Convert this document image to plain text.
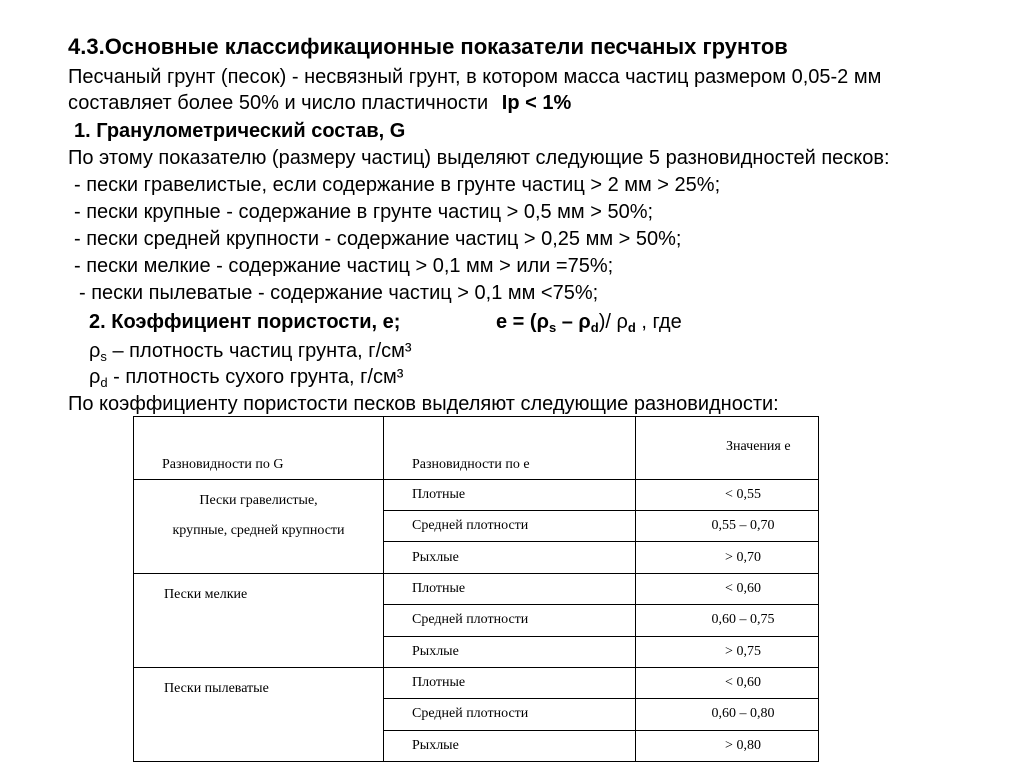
4.3.Основные классификационные показатели песчаных грунтов
Песчаный грунт (песок) - несвязный грунт, в котором масса частиц размером 0,05-2 мм
составляет более 50% и число пластичности Ip < 1%
1. Гранулометрический состав, G
По этому показателю (размеру частиц) выделяют следующие 5 разновидностей песков:
- пески гравелистые, если содержание в грунте частиц > 2 мм > 25%;
- пески крупные - содержание в грунте частиц > 0,5 мм > 50%;
- пески средней крупности - содержание частиц > 0,25 мм > 50%;
- пески мелкие - содержание частиц > 0,1 мм > или =75%;
- пески пылеватые - содержание частиц > 0,1 мм <75%;
2. Коэффициент пористости, е;	$е = (\rho_s - \rho_d)/$ $\rho_d$ , где
$\rho_s$ – плотность частиц грунта, г/см³
$\rho_d$ - плотность сухого грунта, г/см³
По коэффициенту пористости песков выделяют следующие разновидности:
Разновидности по G	Разновидности по е	Значения е

Пески гравелистые,
крупные, средней крупности	Плотные	< 0,55
	Средней плотности	0,55 – 0,70
	Рыхлые	> 0,70

Пески мелкие	Плотные	< 0,60
	Средней плотности	0,60 – 0,75
	Рыхлые	> 0,75

Пески пылеватые	Плотные	< 0,60
	Средней плотности	0,60 – 0,80
	Рыхлые	> 0,80
